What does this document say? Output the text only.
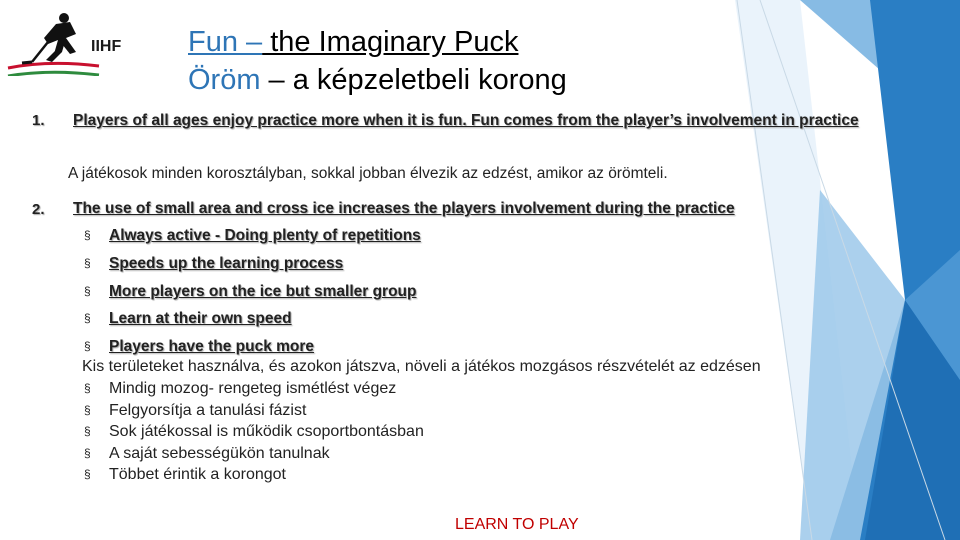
IIHF Fun – the Imaginary Puck
Öröm – a képzeletbeli korong
1. Players of all ages enjoy practice more when it is fun. Fun comes from the player’s involvement in practice
A játékosok minden korosztályban, sokkal jobban élvezik az edzést, amikor az örömteli.
2. The use of small area and cross ice increases the players involvement during the practice
§ Always active - Doing plenty of repetitions
§ Speeds up the learning process
§ More players on the ice but smaller group
§ Learn at their own speed
§ Players have the puck more
Kis területeket használva, és azokon játszva, növeli a játékos mozgásos részvételét az edzésen
§ Mindig mozog- rengeteg ismétlést végez
§ Felgyorsítja a tanulási fázist
§ Sok játékossal is működik csoportbontásban
§ A saját sebességükön tanulnak
§ Többet érintik a korongot
LEARN TO PLAY
